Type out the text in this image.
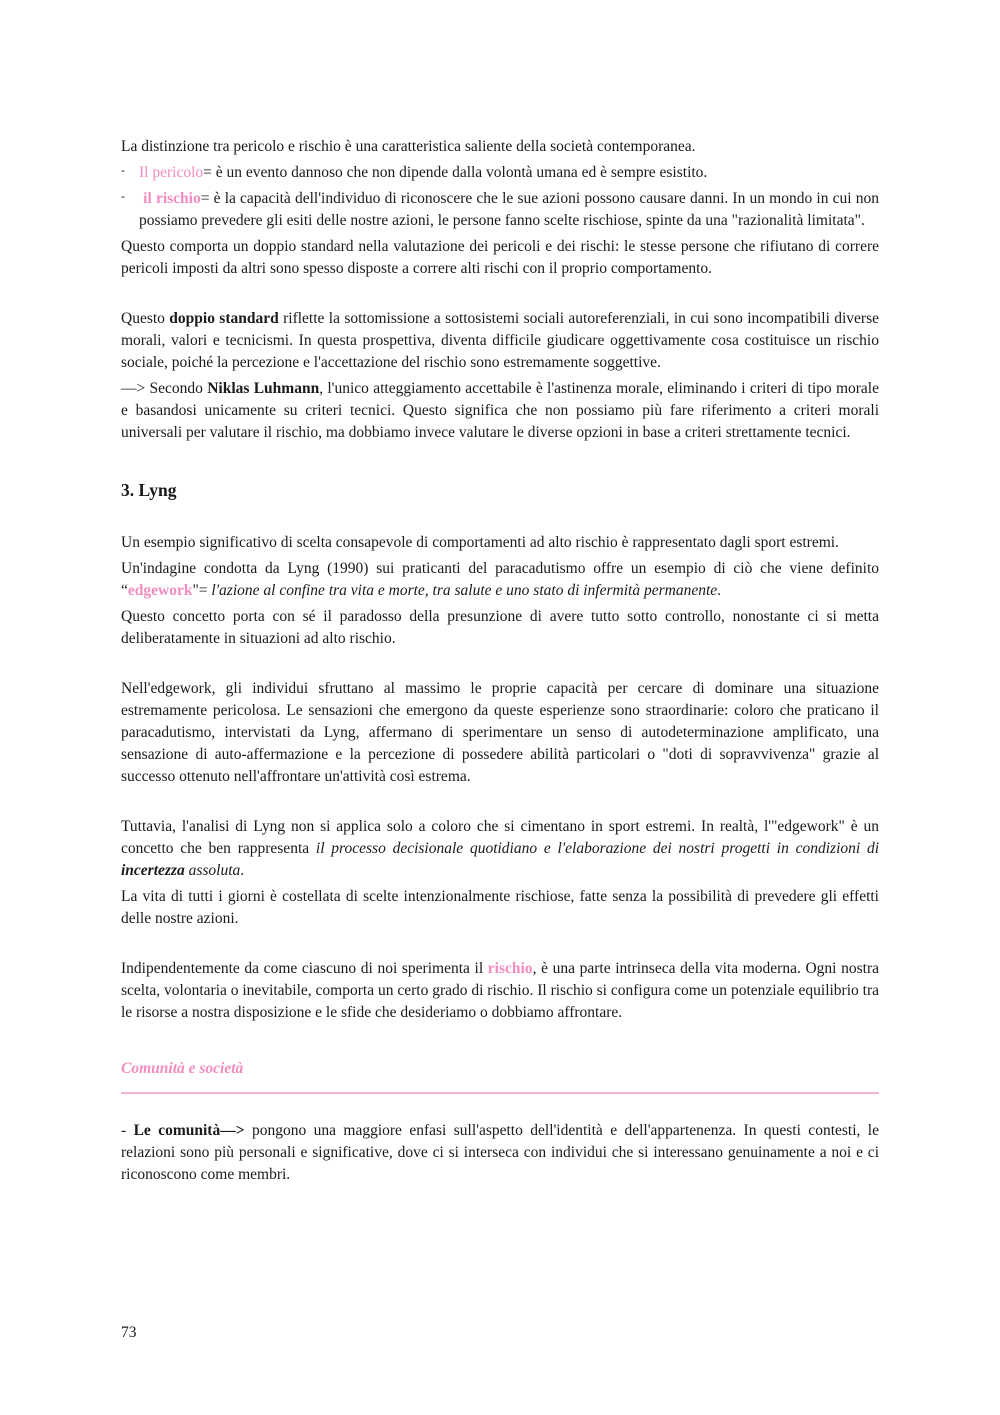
La distinzione tra pericolo e rischio è una caratteristica saliente della società contemporanea.

- Il pericolo= è un evento dannoso che non dipende dalla volontà umana ed è sempre esistito.
- il rischio= è la capacità dell'individuo di riconoscere che le sue azioni possono causare danni. In un mondo in cui non possiamo prevedere gli esiti delle nostre azioni, le persone fanno scelte rischiose, spinte da una "razionalità limitata".

Questo comporta un doppio standard nella valutazione dei pericoli e dei rischi: le stesse persone che rifiutano di correre pericoli imposti da altri sono spesso disposte a correre alti rischi con il proprio comportamento.

Questo doppio standard riflette la sottomissione a sottosistemi sociali autoreferenziali, in cui sono incompatibili diverse morali, valori e tecnicismi. In questa prospettiva, diventa difficile giudicare oggettivamente cosa costituisce un rischio sociale, poiché la percezione e l'accettazione del rischio sono estremamente soggettive.

—> Secondo Niklas Luhmann, l'unico atteggiamento accettabile è l'astinenza morale, eliminando i criteri di tipo morale e basandosi unicamente su criteri tecnici. Questo significa che non possiamo più fare riferimento a criteri morali universali per valutare il rischio, ma dobbiamo invece valutare le diverse opzioni in base a criteri strettamente tecnici.

3. Lyng

Un esempio significativo di scelta consapevole di comportamenti ad alto rischio è rappresentato dagli sport estremi.

Un'indagine condotta da Lyng (1990) sui praticanti del paracadutismo offre un esempio di ciò che viene definito “edgework"= l'azione al confine tra vita e morte, tra salute e uno stato di infermità permanente.

Questo concetto porta con sé il paradosso della presunzione di avere tutto sotto controllo, nonostante ci si metta deliberatamente in situazioni ad alto rischio.

Nell'edgework, gli individui sfruttano al massimo le proprie capacità per cercare di dominare una situazione estremamente pericolosa. Le sensazioni che emergono da queste esperienze sono straordinarie: coloro che praticano il paracadutismo, intervistati da Lyng, affermano di sperimentare un senso di autodeterminazione amplificato, una sensazione di auto-affermazione e la percezione di possedere abilità particolari o "doti di sopravvivenza" grazie al successo ottenuto nell'affrontare un'attività così estrema.

Tuttavia, l'analisi di Lyng non si applica solo a coloro che si cimentano in sport estremi. In realtà, l'"edgework" è un concetto che ben rappresenta il processo decisionale quotidiano e l'elaborazione dei nostri progetti in condizioni di incertezza assoluta.

La vita di tutti i giorni è costellata di scelte intenzionalmente rischiose, fatte senza la possibilità di prevedere gli effetti delle nostre azioni.

Indipendentemente da come ciascuno di noi sperimenta il rischio, è una parte intrinseca della vita moderna. Ogni nostra scelta, volontaria o inevitabile, comporta un certo grado di rischio. Il rischio si configura come un potenziale equilibrio tra le risorse a nostra disposizione e le sfide che desideriamo o dobbiamo affrontare.

Comunità e società

- Le comunità—> pongono una maggiore enfasi sull'aspetto dell'identità e dell'appartenenza. In questi contesti, le relazioni sono più personali e significative, dove ci si interseca con individui che si interessano genuinamente a noi e ci riconoscono come membri.

73
